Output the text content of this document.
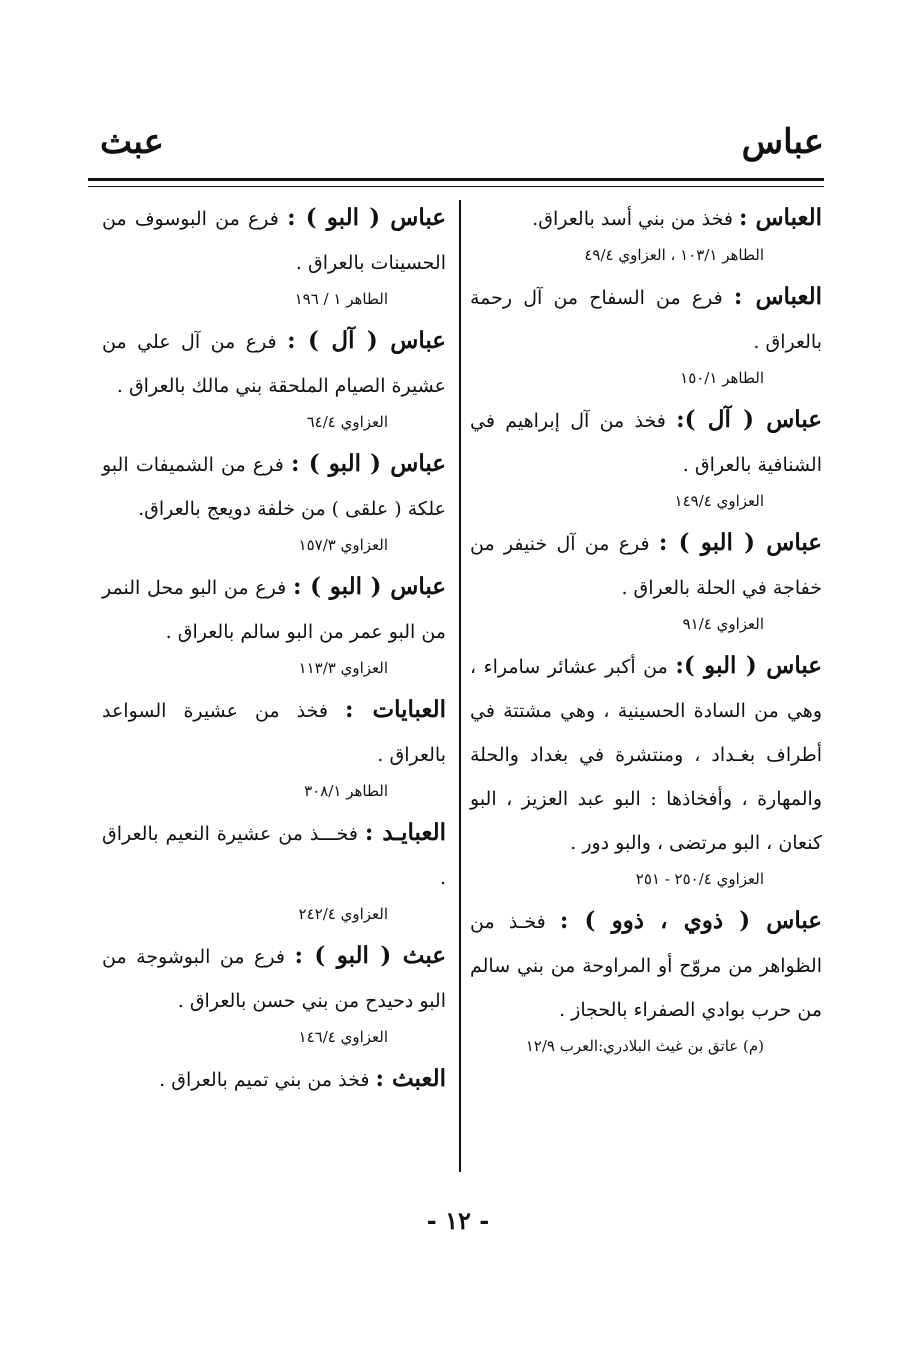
عباس
عبث
العباس : فخذ من بني أسد بالعراق.
الطاهر ١٠٣/١ ، العزاوي ٤٩/٤
العباس : فرع من السفاح من آل رحمة بالعراق .
الطاهر ١٥٠/١
عباس ( آل ): فخذ من آل إبراهيم في الشنافية بالعراق .
العزاوي ١٤٩/٤
عباس ( البو ) : فرع من آل خنيفر من خفاجة في الحلة بالعراق .
العزاوي ٩١/٤
عباس ( البو ): من أكبر عشائر سامراء ، وهي من السادة الحسينية ، وهي مشتتة في أطراف بغـداد ، ومنتشرة في بغداد والحلة والمهارة ، وأفخاذها : البو عبد العزيز ، البو كنعان ، البو مرتضى ، والبو دور .
العزاوي ٢٥٠/٤ - ٢٥١
عباس ( ذوي ، ذوو ) : فخـذ من الظواهر من مروّح أو المراوحة من بني سالم من حرب بوادي الصفراء بالحجاز .
(م) عاتق بن غيث البلادري:العرب ١٢/٩
عباس ( البو ) : فرع من البوسوف من الحسينات بالعراق .
الطاهر ١ / ١٩٦
عباس ( آل ) : فرع من آل علي من عشيرة الصيام الملحقة بني مالك بالعراق .
العزاوي ٦٤/٤
عباس ( البو ) : فرع من الشميفات البو علكة ( علقى ) من خلفة دويعج بالعراق.
العزاوي ١٥٧/٣
عباس ( البو ) : فرع من البو محل النمر من البو عمر من البو سالم بالعراق .
العزاوي ١١٣/٣
العبايات : فخذ من عشيرة السواعد بالعراق .
الطاهر ٣٠٨/١
العبايـد : فخـــذ من عشيرة النعيم بالعراق .
العزاوي ٢٤٢/٤
عبث ( البو ) : فرع من البوشوجة من البو دحيدح من بني حسن بالعراق .
العزاوي ١٤٦/٤
العبث : فخذ من بني تميم بالعراق .
- ١٢ -
